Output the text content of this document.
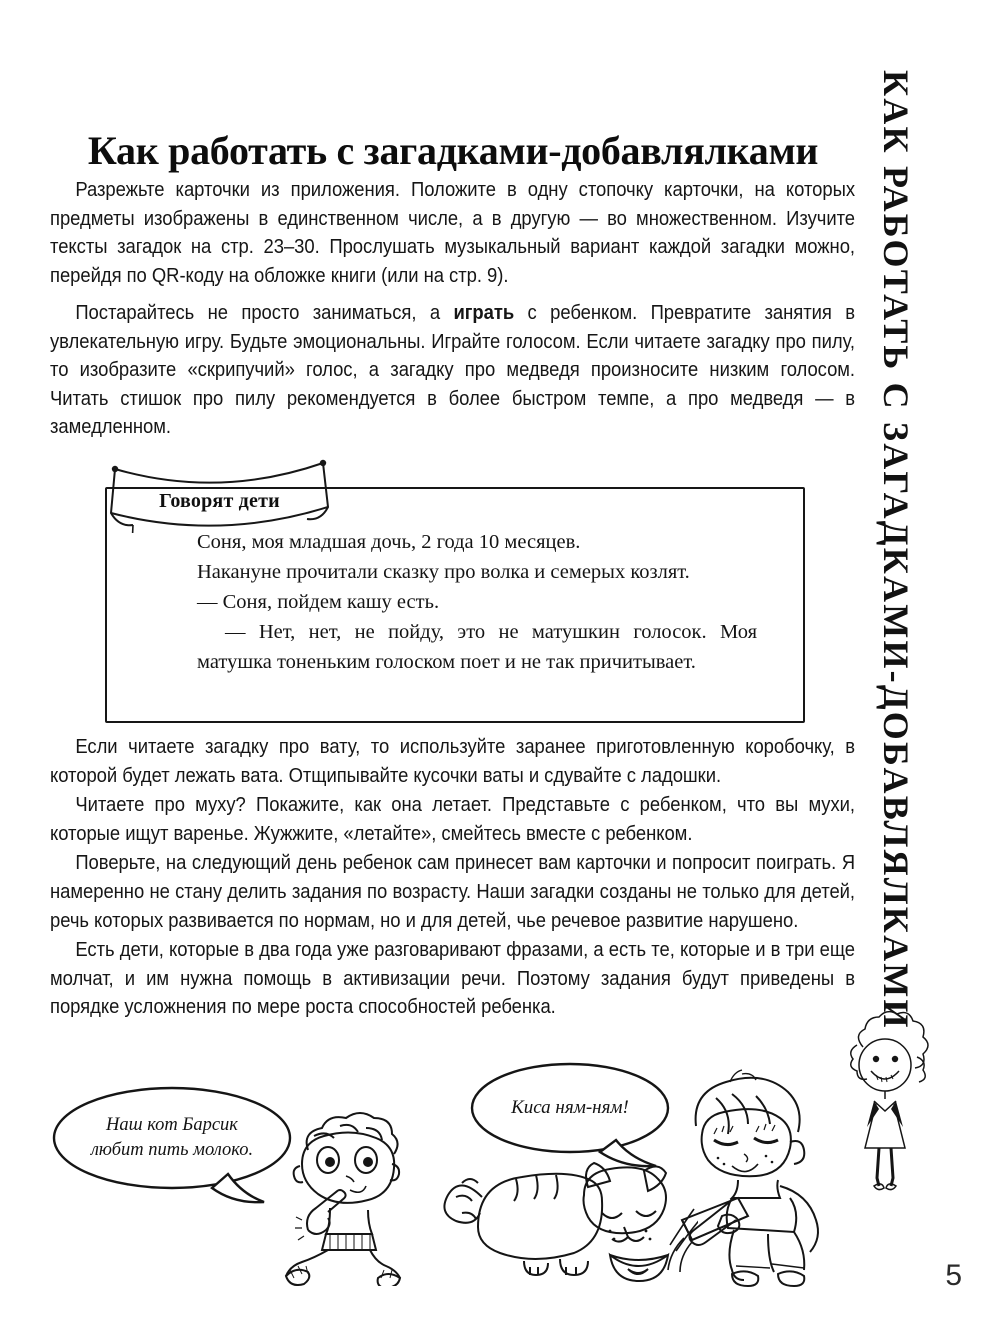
КАК РАБОТАТЬ С ЗАГАДКАМИ-ДОБАВЛЯЛКАМИ
Как работать с загадками-добавлялками

Разрежьте карточки из приложения. Положите в одну стопочку карточки, на которых предметы изображены в единственном числе, а в другую — во множественном. Изучите тексты загадок на стр. 23–30. Прослушать музыкальный вариант каждой загадки можно, перейдя по QR-коду на обложке книги (или на стр. 9).

Постарайтесь не просто заниматься, а играть с ребенком. Превратите занятия в увлекательную игру. Будьте эмоциональны. Играйте голосом. Если читаете загадку про пилу, то изобразите «скрипучий» голос, а загадку про медведя произносите низким голосом. Читать стишок про пилу рекомендуется в более быстром темпе, а про медведя — в замедленном.

Соня, моя младшая дочь, 2 года 10 месяцев.
Накануне прочитали сказку про волка и семерых козлят.
— Соня, пойдем кашу есть.
— Нет, нет, не пойду, это не матушкин голосок. Моя матушка тоненьким голоском поет и не так причитывает.
Говорят дети

Если читаете загадку про вату, то используйте заранее приготовленную коробочку, в которой будет лежать вата. Отщипывайте кусочки ваты и сдувайте с ладошки.

Читаете про муху? Покажите, как она летает. Представьте с ребенком, что вы мухи, которые ищут варенье. Жужжите, «летайте», смейтесь вместе с ребенком.

Поверьте, на следующий день ребенок сам принесет вам карточки и попросит поиграть. Я намеренно не стану делить задания по возрасту. Наши загадки созданы не только для детей, речь которых развивается по нормам, но и для детей, чье речевое развитие нарушено.

Есть дети, которые в два года уже разговаривают фразами, а есть те, которые и в три еще молчат, и им нужна помощь в активизации речи. Поэтому задания будут приведены в порядке усложнения по мере роста способностей ребенка.

Наш кот Барсик
любит пить молоко.
Киса ням-ням!
5
